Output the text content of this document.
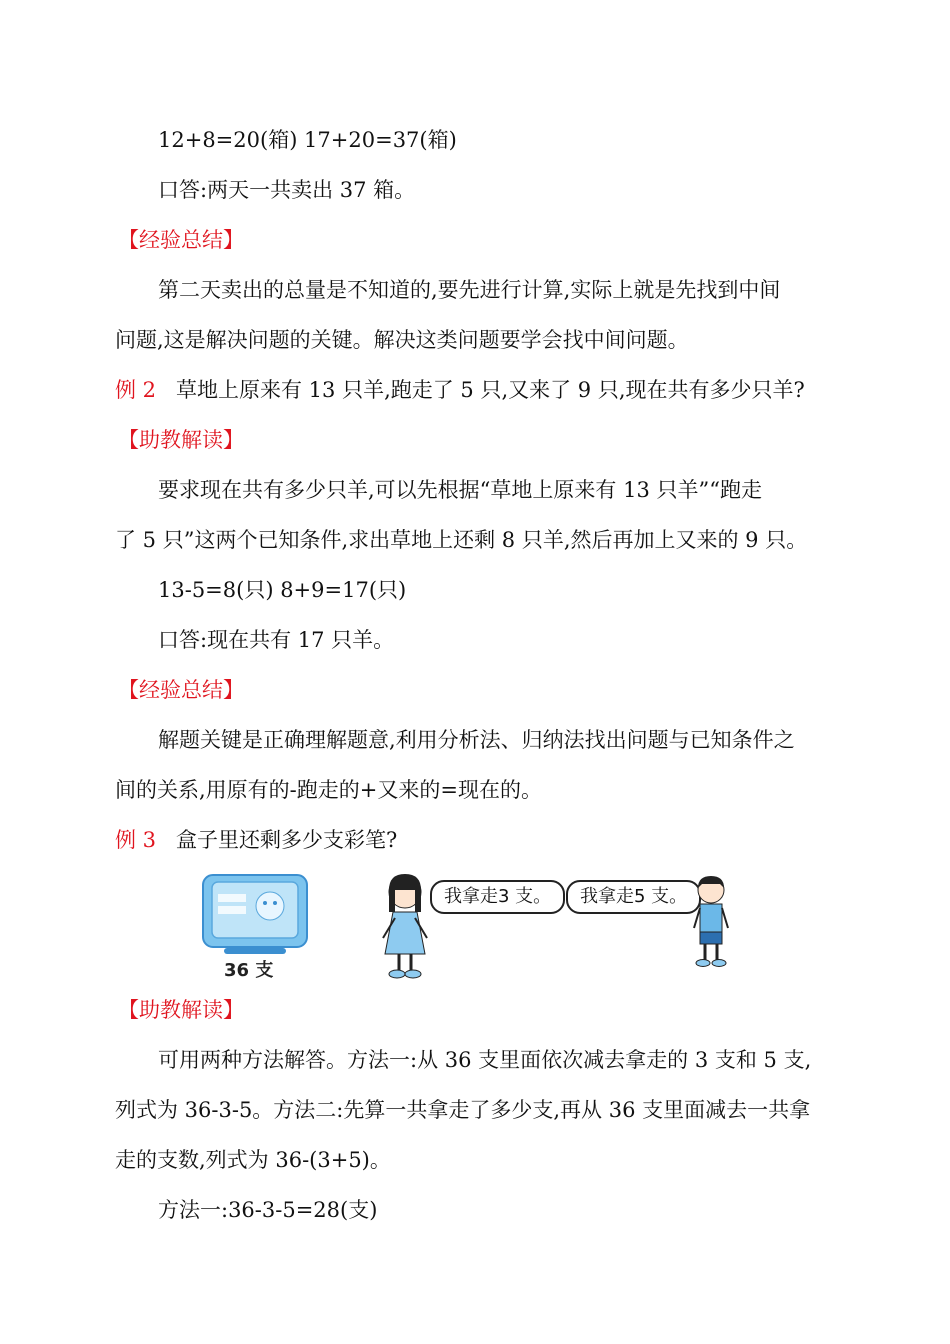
12+8=20(箱) 17+20=37(箱)
口答:两天一共卖出 37 箱。
【经验总结】
第二天卖出的总量是不知道的,要先进行计算,实际上就是先找到中间
问题,这是解决问题的关键。解决这类问题要学会找中间问题。
例 2 草地上原来有 13 只羊,跑走了 5 只,又来了 9 只,现在共有多少只羊?
【助教解读】
要求现在共有多少只羊,可以先根据“草地上原来有 13 只羊”“跑走
了 5 只”这两个已知条件,求出草地上还剩 8 只羊,然后再加上又来的 9 只。
13-5=8(只) 8+9=17(只)
口答:现在共有 17 只羊。
【经验总结】
解题关键是正确理解题意,利用分析法、归纳法找出问题与已知条件之
间的关系,用原有的-跑走的+又来的=现在的。
例 3 盒子里还剩多少支彩笔?
36 支
我拿走3 支。	我拿走5 支。
【助教解读】
可用两种方法解答。方法一:从 36 支里面依次减去拿走的 3 支和 5 支,
列式为 36-3-5。方法二:先算一共拿走了多少支,再从 36 支里面减去一共拿
走的支数,列式为 36-(3+5)。
方法一:36-3-5=28(支)
